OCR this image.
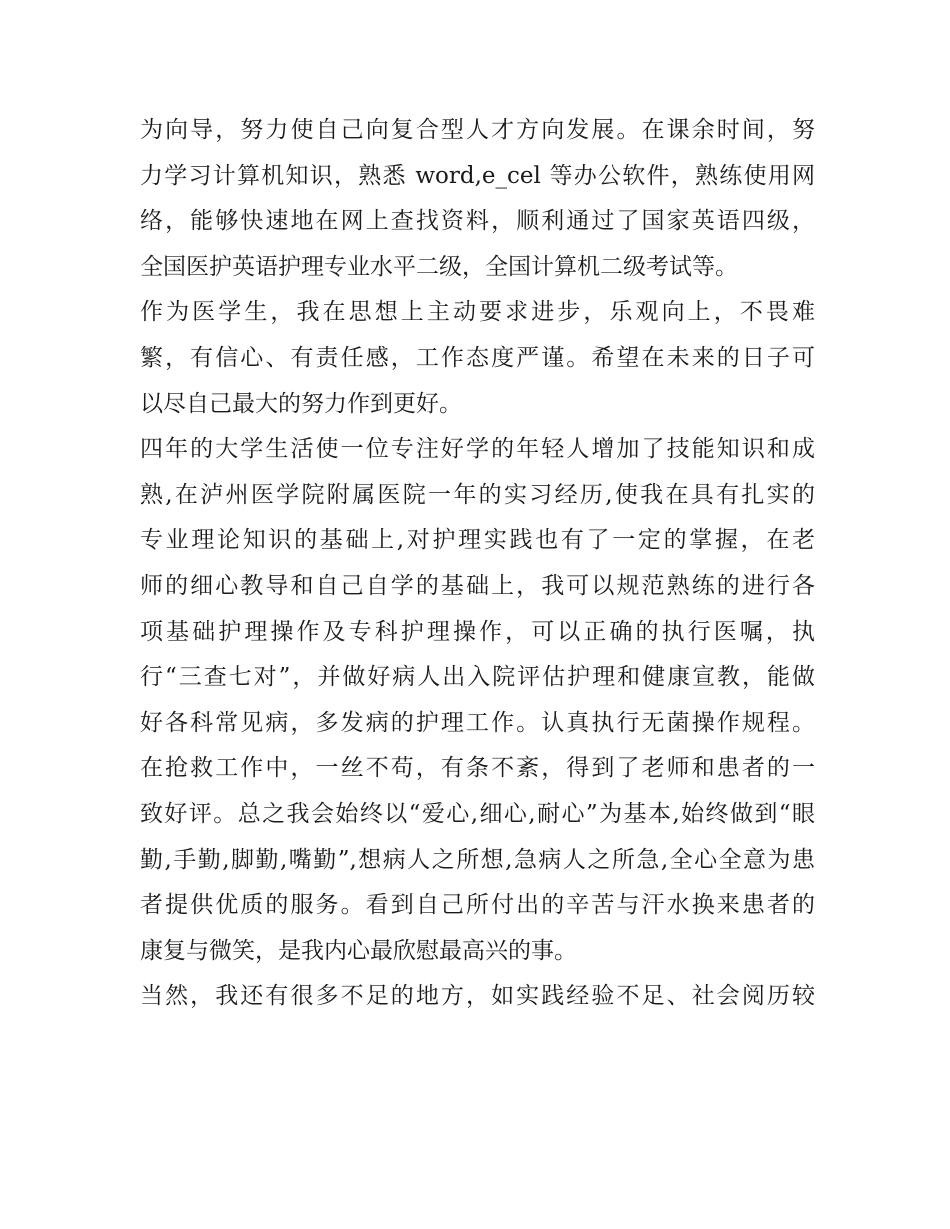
为向导，努力使自己向复合型人才方向发展。在课余时间，努
力学习计算机知识，熟悉 word,e_cel 等办公软件，熟练使用网
络，能够快速地在网上查找资料，顺利通过了国家英语四级，
全国医护英语护理专业水平二级，全国计算机二级考试等。
作为医学生，我在思想上主动要求进步，乐观向上，不畏难
繁，有信心、有责任感，工作态度严谨。希望在未来的日子可
以尽自己最大的努力作到更好。
四年的大学生活使一位专注好学的年轻人增加了技能知识和成
熟,在泸州医学院附属医院一年的实习经历,使我在具有扎实的
专业理论知识的基础上,对护理实践也有了一定的掌握，在老
师的细心教导和自己自学的基础上，我可以规范熟练的进行各
项基础护理操作及专科护理操作，可以正确的执行医嘱，执
行“三查七对”，并做好病人出入院评估护理和健康宣教，能做
好各科常见病，多发病的护理工作。认真执行无菌操作规程。
在抢救工作中，一丝不苟，有条不紊，得到了老师和患者的一
致好评。总之我会始终以“爱心,细心,耐心”为基本,始终做到“眼
勤,手勤,脚勤,嘴勤”,想病人之所想,急病人之所急,全心全意为患
者提供优质的服务。看到自己所付出的辛苦与汗水换来患者的
康复与微笑，是我内心最欣慰最高兴的事。
当然，我还有很多不足的地方，如实践经验不足、社会阅历较
